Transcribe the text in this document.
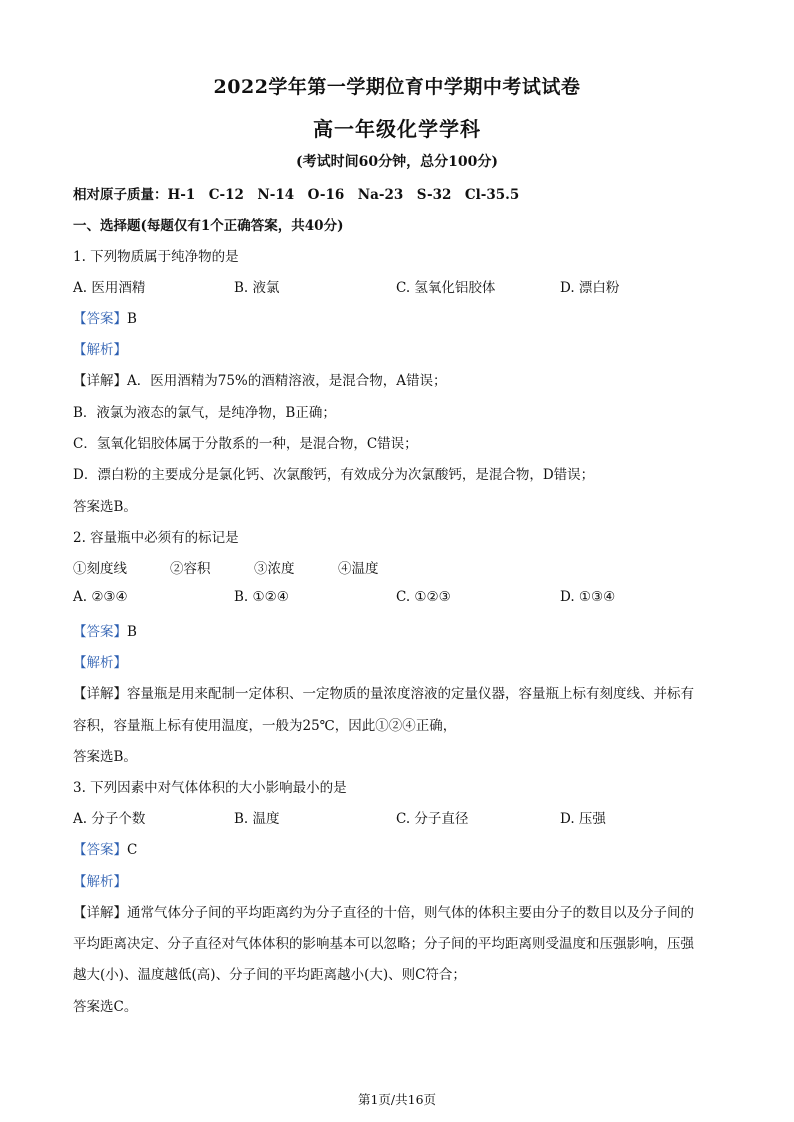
2022学年第一学期位育中学期中考试试卷
高一年级化学学科
(考试时间60分钟，总分100分)
相对原子质量：H-1　C-12　N-14　O-16　Na-23　S-32　Cl-35.5
一、选择题(每题仅有1个正确答案，共40分)
1. 下列物质属于纯净物的是
A. 医用酒精	B. 液氯	C. 氢氧化铝胶体	D. 漂白粉
【答案】B
【解析】
【详解】A．医用酒精为75%的酒精溶液，是混合物，A错误；
B．液氯为液态的氯气，是纯净物，B正确；
C．氢氧化铝胶体属于分散系的一种，是混合物，C错误；
D．漂白粉的主要成分是氯化钙、次氯酸钙，有效成分为次氯酸钙，是混合物，D错误；
答案选B。
2. 容量瓶中必须有的标记是
①刻度线	②容积	③浓度	④温度
A. ②③④	B. ①②④	C. ①②③	D. ①③④
【答案】B
【解析】
【详解】容量瓶是用来配制一定体积、一定物质的量浓度溶液的定量仪器，容量瓶上标有刻度线、并标有
容积，容量瓶上标有使用温度，一般为25℃，因此①②④正确，
答案选B。
3. 下列因素中对气体体积的大小影响最小的是
A. 分子个数	B. 温度	C. 分子直径	D. 压强
【答案】C
【解析】
【详解】通常气体分子间的平均距离约为分子直径的十倍，则气体的体积主要由分子的数目以及分子间的
平均距离决定、分子直径对气体体积的影响基本可以忽略；分子间的平均距离则受温度和压强影响，压强
越大(小)、温度越低(高)、分子间的平均距离越小(大)、则C符合；
答案选C。
第1页/共16页
